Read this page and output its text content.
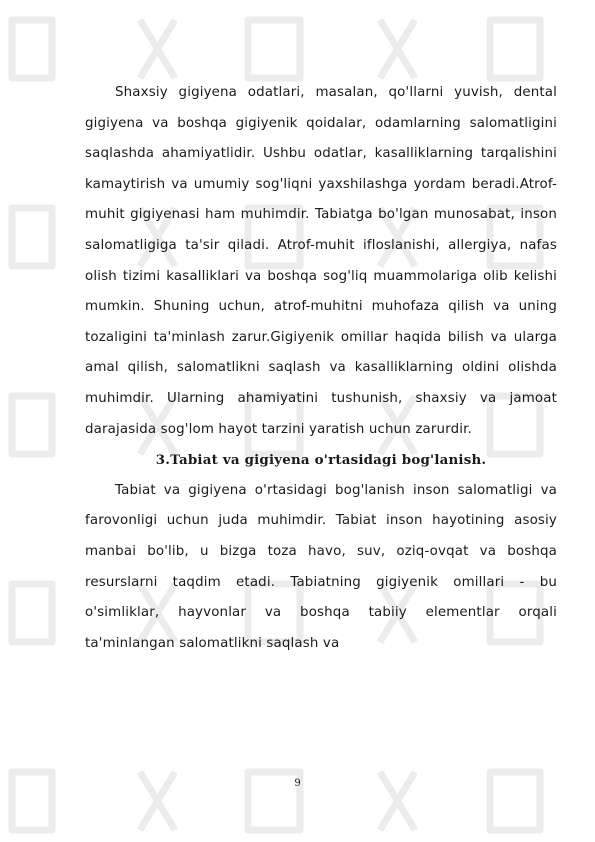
Shaxsiy gigiyena odatlari, masalan, qo'llarni yuvish, dental gigiyena va boshqa gigiyenik qoidalar, odamlarning salomatligini saqlashda ahamiyatlidir. Ushbu odatlar, kasalliklarning tarqalishini kamaytirish va umumiy sog'liqni yaxshilashga yordam beradi.Atrof-muhit gigiyenasi ham muhimdir. Tabiatga bo'lgan munosabat, inson salomatligiga ta'sir qiladi. Atrof-muhit ifloslanishi, allergiya, nafas olish tizimi kasalliklari va boshqa sog'liq muammolariga olib kelishi mumkin. Shuning uchun, atrof-muhitni muhofaza qilish va uning tozaligini ta'minlash zarur.Gigiyenik omillar haqida bilish va ularga amal qilish, salomatlikni saqlash va kasalliklarning oldini olishda muhimdir. Ularning ahamiyatini tushunish, shaxsiy va jamoat darajasida sog'lom hayot tarzini yaratish uchun zarurdir.

3.Tabiat va gigiyena o'rtasidagi bog'lanish.

Tabiat va gigiyena o'rtasidagi bog'lanish inson salomatligi va farovonligi uchun juda muhimdir. Tabiat inson hayotining asosiy manbai bo'lib, u bizga toza havo, suv, oziq-ovqat va boshqa resurslarni taqdim etadi. Tabiatning gigiyenik omillari - bu o'simliklar, hayvonlar va boshqa tabiiy elementlar orqali ta'minlangan salomatlikni saqlash va

9
